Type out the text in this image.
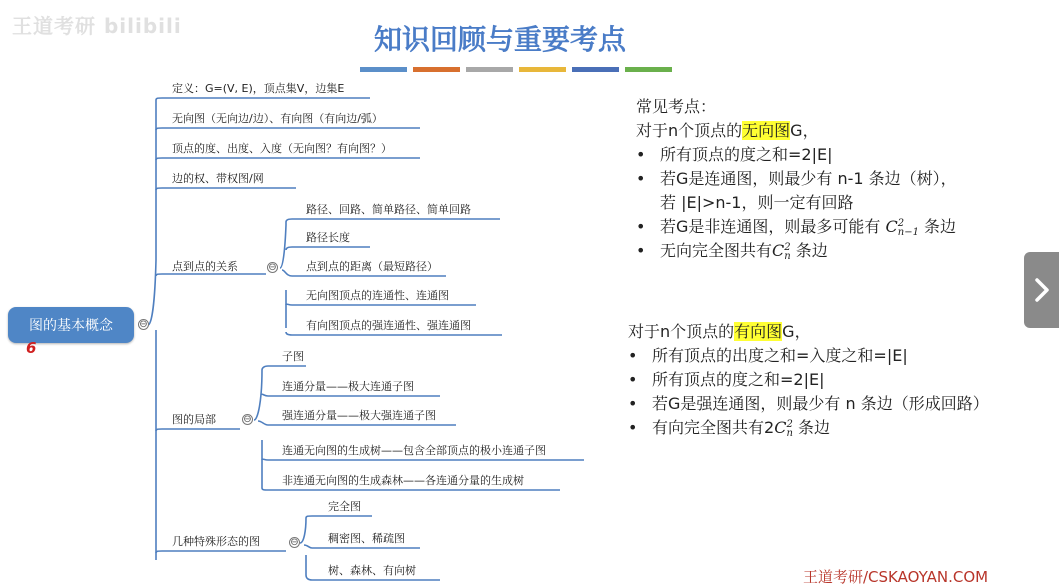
王道考研 bilibili	知识回顾与重要考点
图的基本概念	⊖
6
定义：G=(V, E)，顶点集V，边集E
无向图（无向边/边）、有向图（有向边/弧）
顶点的度、出度、入度（无向图？有向图？）
边的权、带权图/网
点到点的关系	⊖
图的局部	⊖
几种特殊形态的图	⊖
路径、回路、简单路径、简单回路
路径长度
点到点的距离（最短路径）
无向图顶点的连通性、连通图
有向图顶点的强连通性、强连通图
子图
连通分量——极大连通子图
强连通分量——极大强连通子图
连通无向图的生成树——包含全部顶点的极小连通子图
非连通无向图的生成森林——各连通分量的生成树
完全图
稠密图、稀疏图
树、森林、有向树
常见考点：
对于n个顶点的无向图G，
• 所有顶点的度之和=2|E|
• 若G是连通图，则最少有 n-1 条边（树），
若 |E|>n-1，则一定有回路
• 若G是非连通图，则最多可能有 C2
n−1 条边
• 无向完全图共有C2
n 条边
对于n个顶点的有向图G，
• 所有顶点的出度之和=入度之和=|E|
• 所有顶点的度之和=2|E|
• 若G是强连通图，则最少有 n 条边（形成回路）
• 有向完全图共有2C2
n 条边
王道考研/CSKAOYAN.COM
